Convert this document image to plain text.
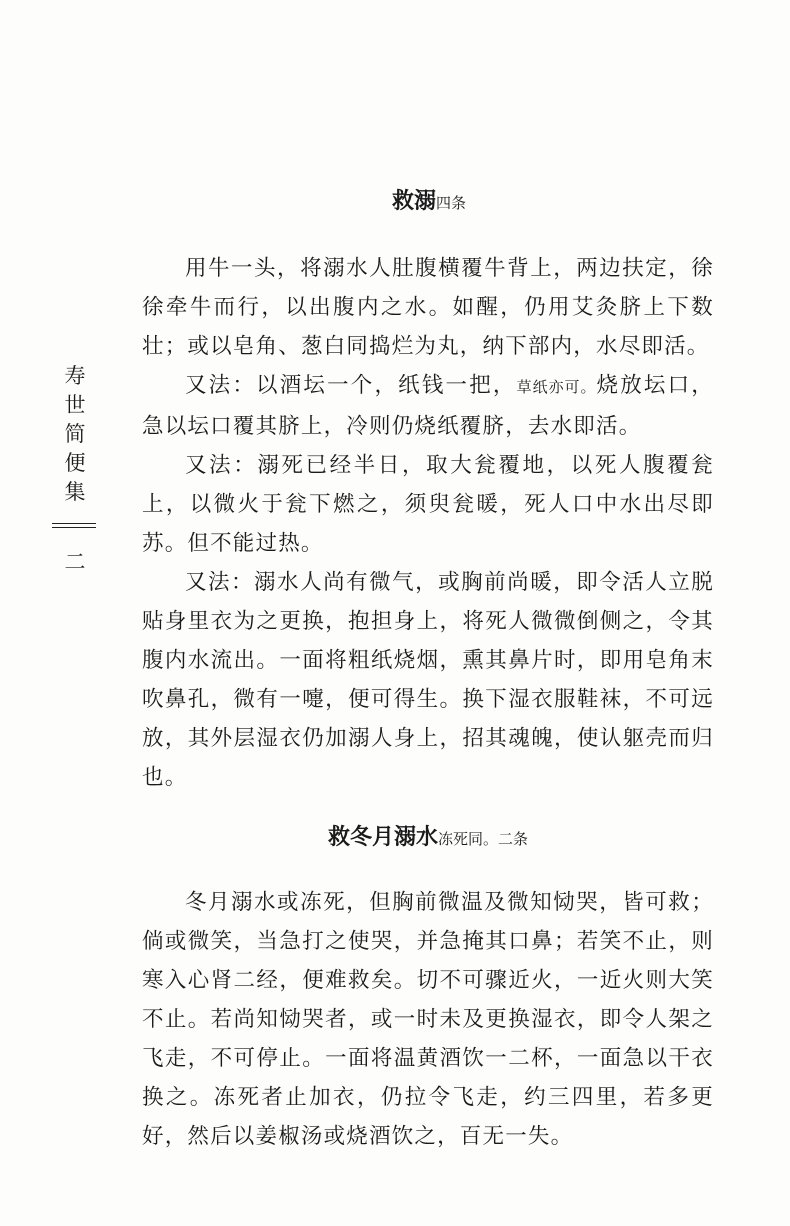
寿
世
简
便
集
二
救溺四条

用牛一头，将溺水人肚腹横覆牛背上，两边扶定，徐徐牵牛而行，以出腹内之水。如醒，仍用艾灸脐上下数壮；或以皂角、葱白同捣烂为丸，纳下部内，水尽即活。

又法：以酒坛一个，纸钱一把，草纸亦可。烧放坛口，急以坛口覆其脐上，冷则仍烧纸覆脐，去水即活。

又法：溺死已经半日，取大瓮覆地，以死人腹覆瓮上，以微火于瓮下燃之，须臾瓮暖，死人口中水出尽即苏。但不能过热。

又法：溺水人尚有微气，或胸前尚暖，即令活人立脱贴身里衣为之更换，抱担身上，将死人微微倒侧之，令其腹内水流出。一面将粗纸烧烟，熏其鼻片时，即用皂角末吹鼻孔，微有一嚏，便可得生。换下湿衣服鞋袜，不可远放，其外层湿衣仍加溺人身上，招其魂魄，使认躯壳而归也。

救冬月溺水冻死同。二条

冬月溺水或冻死，但胸前微温及微知恸哭，皆可救；倘或微笑，当急打之使哭，并急掩其口鼻；若笑不止，则寒入心肾二经，便难救矣。切不可骤近火，一近火则大笑不止。若尚知恸哭者，或一时未及更换湿衣，即令人架之飞走，不可停止。一面将温黄酒饮一二杯，一面急以干衣换之。冻死者止加衣，仍拉令飞走，约三四里，若多更好，然后以姜椒汤或烧酒饮之，百无一失。
